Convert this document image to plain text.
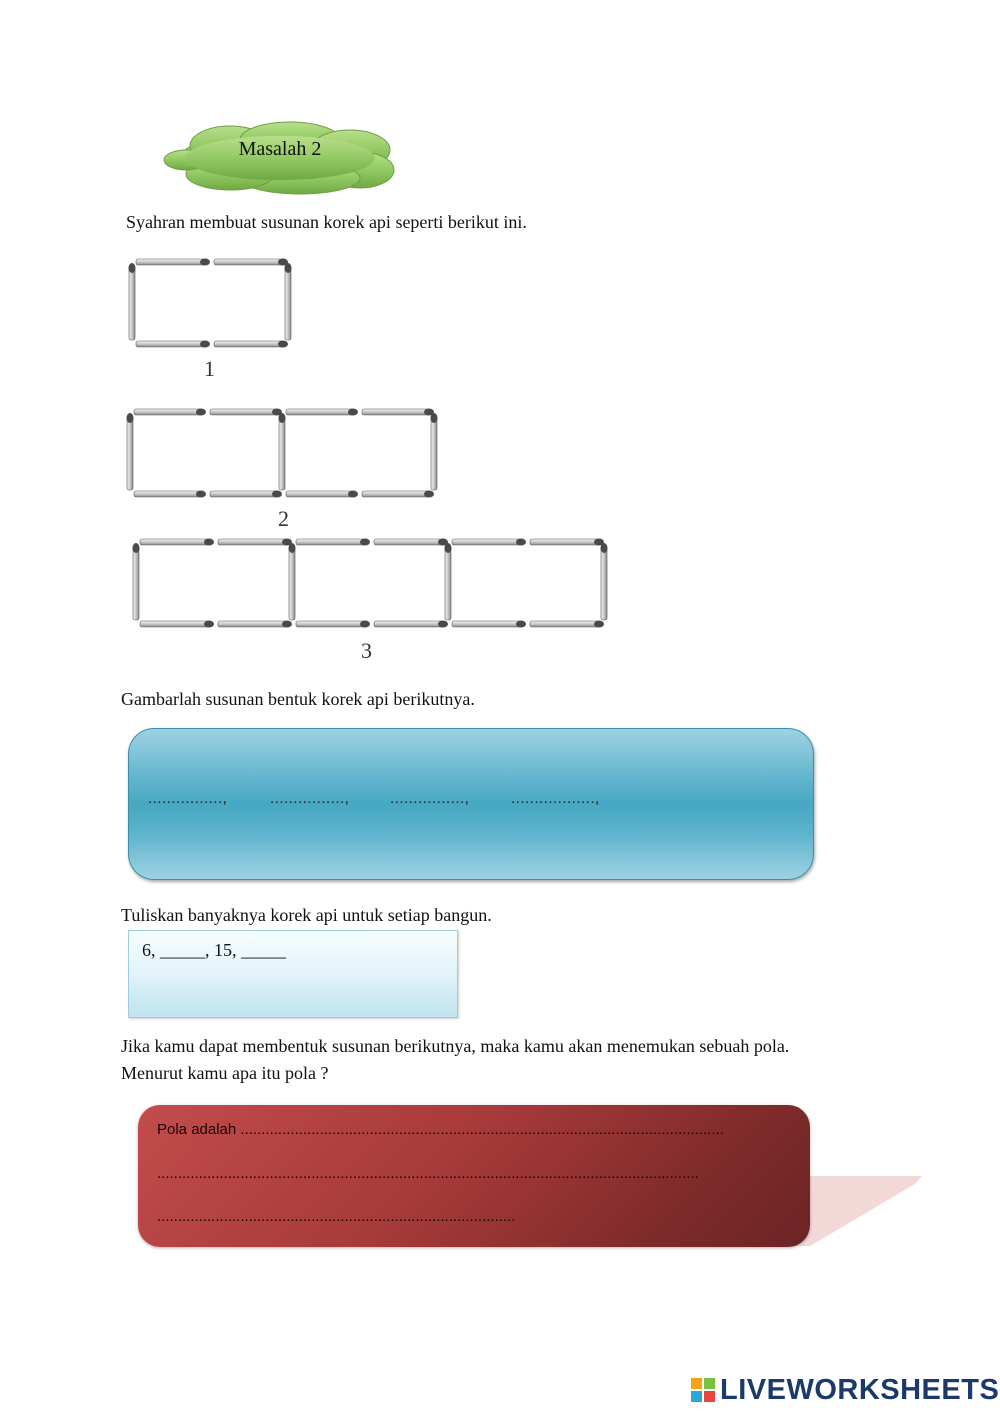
Masalah 2
Syahran membuat susunan korek api seperti berikut ini.
1
2
3
Gambarlah susunan bentuk korek api berikutnya.
................,	................,	................,	..................,
Tuliskan banyaknya korek api untuk setiap bangun.
6, _____, 15, _____
Jika kamu dapat membentuk susunan berikutnya, maka kamu akan menemukan sebuah pola.
Menurut kamu apa itu pola ?
Pola adalah ....................................................................................................................
..................................................................................................................................
......................................................................................
LIVEWORKSHEETS
